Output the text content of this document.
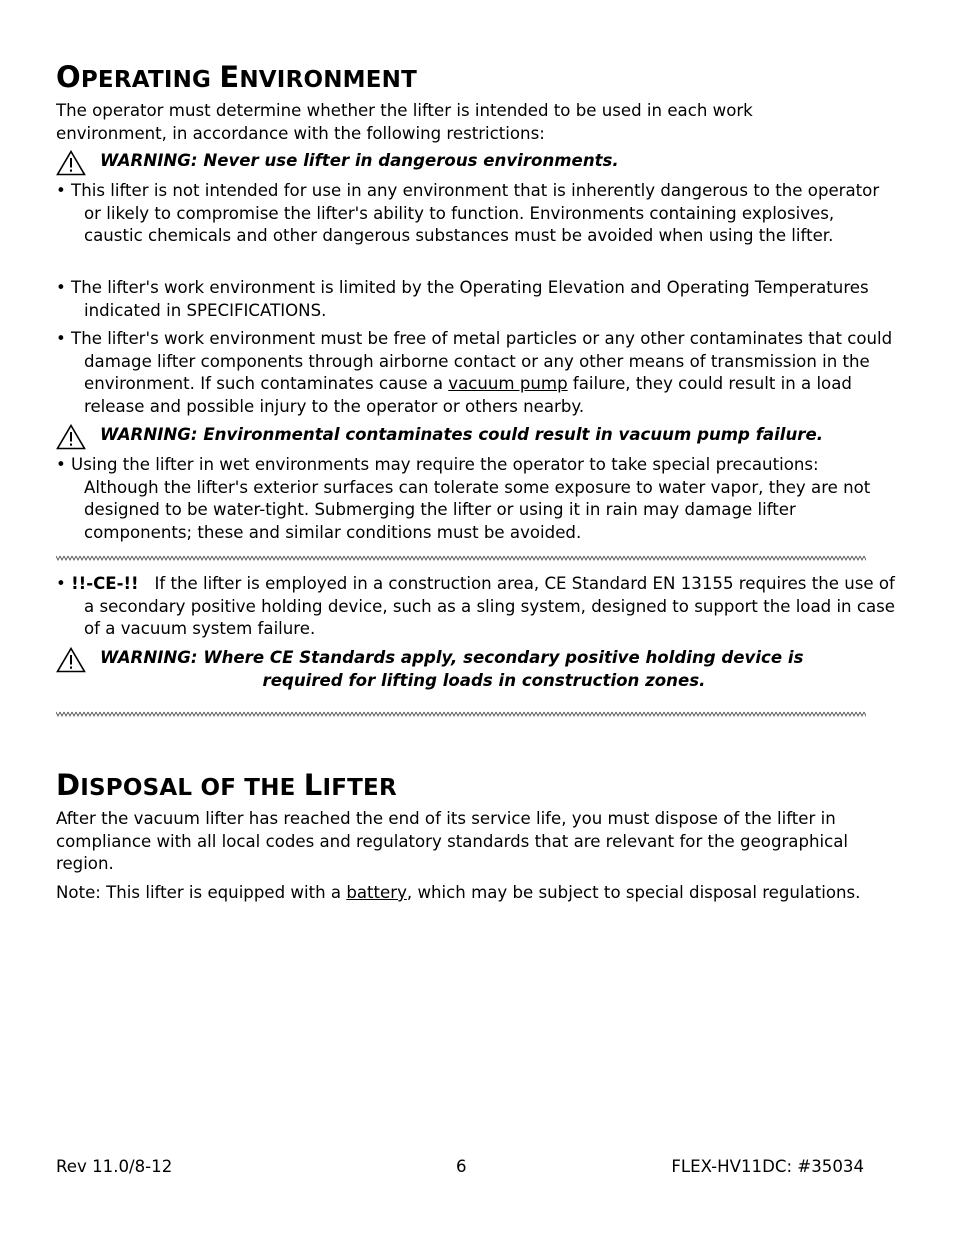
OPERATING ENVIRONMENT

The operator must determine whether the lifter is intended to be used in each work environment, in accordance with the following restrictions:

WARNING: Never use lifter in dangerous environments.

• This lifter is not intended for use in any environment that is inherently dangerous to the operator or likely to compromise the lifter's ability to function. Environments containing explosives, caustic chemicals and other dangerous substances must be avoided when using the lifter.

• The lifter's work environment is limited by the Operating Elevation and Operating Temperatures indicated in SPECIFICATIONS.

• The lifter's work environment must be free of metal particles or any other contaminates that could damage lifter components through airborne contact or any other means of transmission in the environment. If such contaminates cause a vacuum pump failure, they could result in a load release and possible injury to the operator or others nearby.

WARNING: Environmental contaminates could result in vacuum pump failure.

• Using the lifter in wet environments may require the operator to take special precautions: Although the lifter's exterior surfaces can tolerate some exposure to water vapor, they are not designed to be water-tight. Submerging the lifter or using it in rain may damage lifter components; these and similar conditions must be avoided.

• !!-CE-!!   If the lifter is employed in a construction area, CE Standard EN 13155 requires the use of a secondary positive holding device, such as a sling system, designed to support the load in case of a vacuum system failure.

WARNING: Where CE Standards apply, secondary positive holding device is
required for lifting loads in construction zones.
DISPOSAL OF THE LIFTER

After the vacuum lifter has reached the end of its service life, you must dispose of the lifter in compliance with all local codes and regulatory standards that are relevant for the geographical region.

Note: This lifter is equipped with a battery, which may be subject to special disposal regulations.

Rev 11.0/8-12	6	FLEX-HV11DC: #35034
